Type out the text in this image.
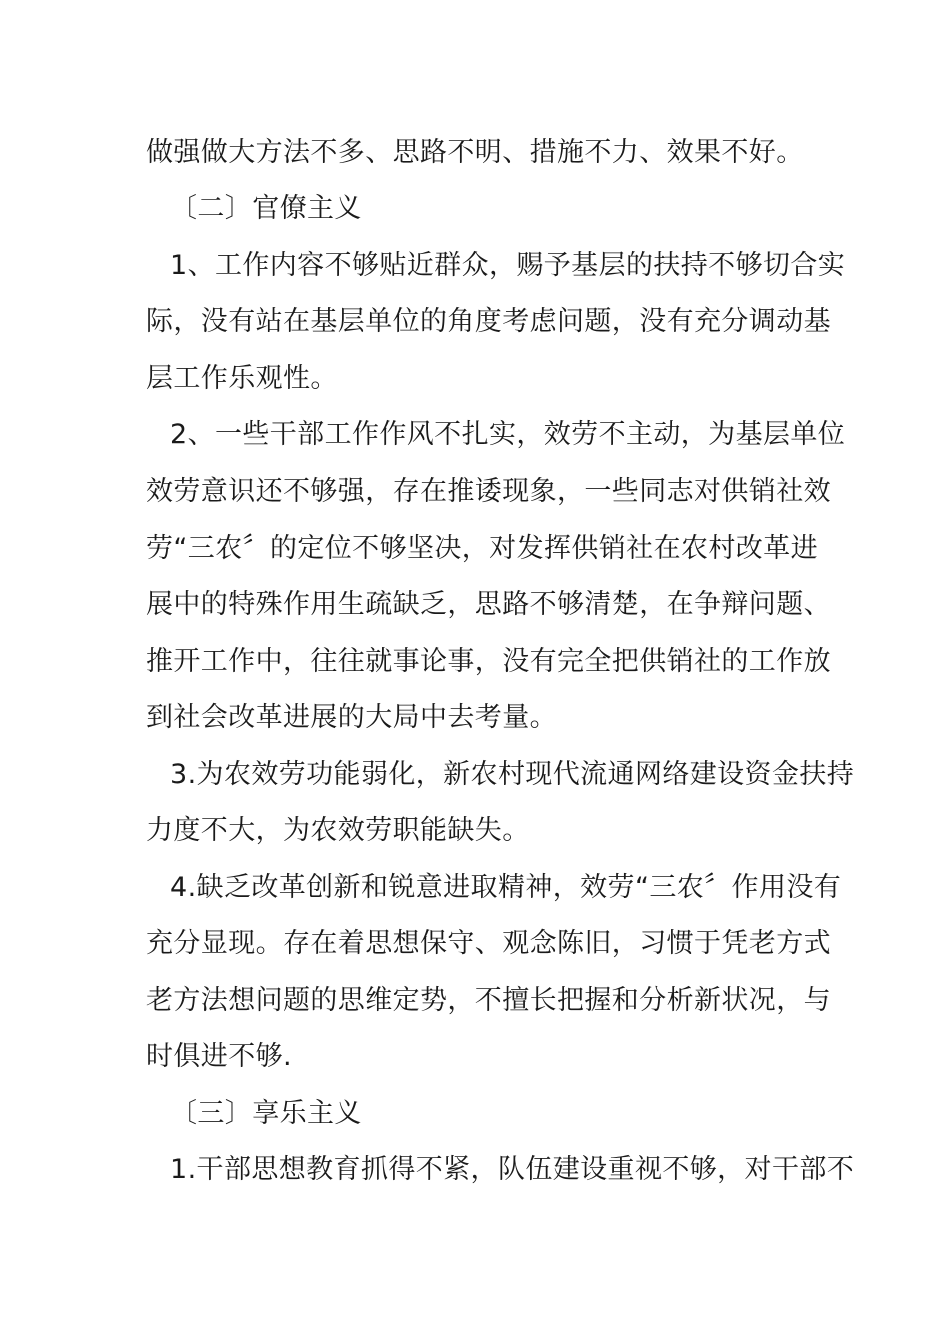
做强做大方法不多、思路不明、措施不力、效果不好。
〔二〕官僚主义
1、工作内容不够贴近群众，赐予基层的扶持不够切合实
际，没有站在基层单位的角度考虑问题，没有充分调动基
层工作乐观性。
2、一些干部工作作风不扎实，效劳不主动，为基层单位
效劳意识还不够强，存在推诿现象，一些同志对供销社效
劳“三农〞的定位不够坚决，对发挥供销社在农村改革进
展中的特殊作用生疏缺乏，思路不够清楚，在争辩问题、
推开工作中，往往就事论事，没有完全把供销社的工作放
到社会改革进展的大局中去考量。
3.为农效劳功能弱化，新农村现代流通网络建设资金扶持
力度不大，为农效劳职能缺失。
4.缺乏改革创新和锐意进取精神，效劳“三农〞作用没有
充分显现。存在着思想保守、观念陈旧，习惯于凭老方式
老方法想问题的思维定势，不擅长把握和分析新状况，与
时俱进不够.
〔三〕享乐主义
1.干部思想教育抓得不紧，队伍建设重视不够，对干部不
